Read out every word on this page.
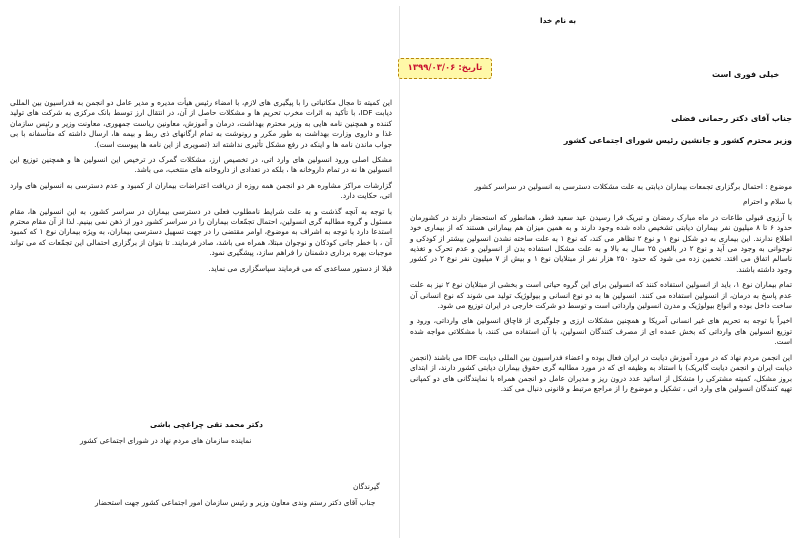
به نام خدا
تاریخ: ۱۳۹۹/۰۳/۰۶
خیلی فوری است
جناب آقای دکتر رحمانی فضلی
وزیر محترم کشور و جانشین رئیس شورای اجتماعی کشور

موضوع : احتمال برگزاری تجمعات بیماران دیابتی به علت مشکلات دسترسی به انسولین در سراسر کشور

با سلام و احترام

با آرزوی قبولی طاعات در ماه مبارک رمضان و تبریک فرا رسیدن عید سعید فطر، همانطور که استحضار دارند در کشورمان حدود ۶ تا ۸ میلیون نفر بیماران دیابتی تشخیص داده شده وجود دارند و به همین میزان هم بیمارانی هستند که از بیماری خود اطلاع ندارند. این بیماری به دو شکل نوع ۱ و نوع ۲ تظاهر می کند، که نوع ۱ به علت ساخته نشدن انسولین بیشتر از کودکی و نوجوانی به وجود می آید و نوع ۲ در بالغین ۲۵ سال به بالا و به علت مشکل استفاده بدن از انسولین و عدم تحرک و تغذیه ناسالم اتفاق می افتد. تخمین زده می شود که حدود ۲۵۰ هزار نفر از مبتلایان نوع ۱ و بیش از ۷ میلیون نفر نوع ۲ در کشور وجود داشته باشند.

تمام بیماران نوع ۱، باید از انسولین استفاده کنند که انسولین برای این گروه حیاتی است و بخشی از مبتلایان نوع ۲ نیز به علت عدم پاسخ به درمان، از انسولین استفاده می کنند. انسولین ها به دو نوع انسانی و بیولوژیک تولید می شوند که نوع انسانی آن ساخت داخل بوده و انواع بیولوژیک و مدرن انسولین وارداتی است و توسط دو شرکت خارجی در ایران توزیع می شود.

اخیراً با توجه به تحریم های غیر انسانی آمریکا و همچنین مشکلات ارزی و جلوگیری از قاچاق انسولین های وارداتی، ورود و توزیع انسولین های وارداتی که بخش عمده ای از مصرف کنندگان انسولین، با آن استفاده می کنند، با مشکلاتی مواجه شده است.

این انجمن مردم نهاد که در مورد آموزش دیابت در ایران فعال بوده و اعضاء فدراسیون بین المللی دیابت IDF می باشند (انجمن دیابت ایران و انجمن دیابت گابریک) با استناد به وظیفه ای که در مورد مطالبه گری حقوق بیماران دیابتی کشور دارند، از ابتدای بروز مشکل، کمیته مشترکی را متشکل از اساتید عدد درون ریز و مدیران عامل دو انجمن همراه با نمایندگانی های دو کمپانی تهیه کنندگان انسولین های وارد اتی ، تشکیل و موضوع را از مراجع مرتبط و قانونی دنبال می کند.

این کمیته تا مجال مکاتباتی را با پیگیری های لازم، با امضاء رئیس هیأت مدیره و مدیر عامل دو انجمن به فدراسیون بین المللی دیابت IDF، با تأکید به اثرات مخرب تحریم ها و مشکلات حاصل از آن، در انتقال ارز توسط بانک مرکزی به شرکت های تولید کننده و همچنین نامه هایی به وزیر محترم بهداشت، درمان و آموزش، معاونین ریاست جمهوری، معاونت وزیر و رئیس سازمان غذا و داروی وزارت بهداشت به طور مکرر و رونوشت به تمام ارگانهای ذی ربط و بیمه ها، ارسال داشته که متأسفانه با بی جواب ماندن نامه ها و اینکه در رفع مشکل تأثیری نداشته اند (تصویری از این نامه ها پیوست است).

مشکل اصلی ورود انسولین های وارد اتی، در تخصیص ارز، مشکلات گمرک در ترخیص این انسولین ها و همچنین توزیع این انسولین ها نه در تمام داروخانه ها ، بلکه در تعدادی از داروخانه های منتخب، می باشد.

گزارشات مراکز مشاوره هر دو انجمن همه روزه از دریافت اعتراضات بیماران از کمبود و عدم دسترسی به انسولین های وارد اتی، حکایت دارد.

با توجه به آنچه گذشت و به علت شرایط نامطلوب فعلی در دسترسی بیماران در سراسر کشور، به این انسولین ها، مقام مسئول و گروه مطالبه گری انسولین، احتمال تجمّعات بیماران را در سراسر کشور دور از ذهن نمی بینیم. لذا از آن مقام محترم استدعا دارد با توجه به اشراف به موضوع، اوامر مقتضی را در جهت تسهیل دسترسی بیماران، به ویژه بیماران نوع ۱ که کمبود آن ، با خطر جانی کودکان و نوجوان مبتلا، همراه می باشد، صادر فرمایند. تا بتوان از برگزاری احتمالی این تجمّعات که می تواند موجبات بهره برداری دشمنان را فراهم سازد، پیشگیری نمود.

قبلا از دستور مساعدی که می فرمایند سپاسگزاری می نماید.

دکتر محمد تقی چراغچی باشی
نماینده سازمان های مردم نهاد در شورای اجتماعی کشور
گیرندگان
جناب آقای دکتر رستم وندی معاون وزیر و رئیس سازمان امور اجتماعی کشور جهت استحضار
